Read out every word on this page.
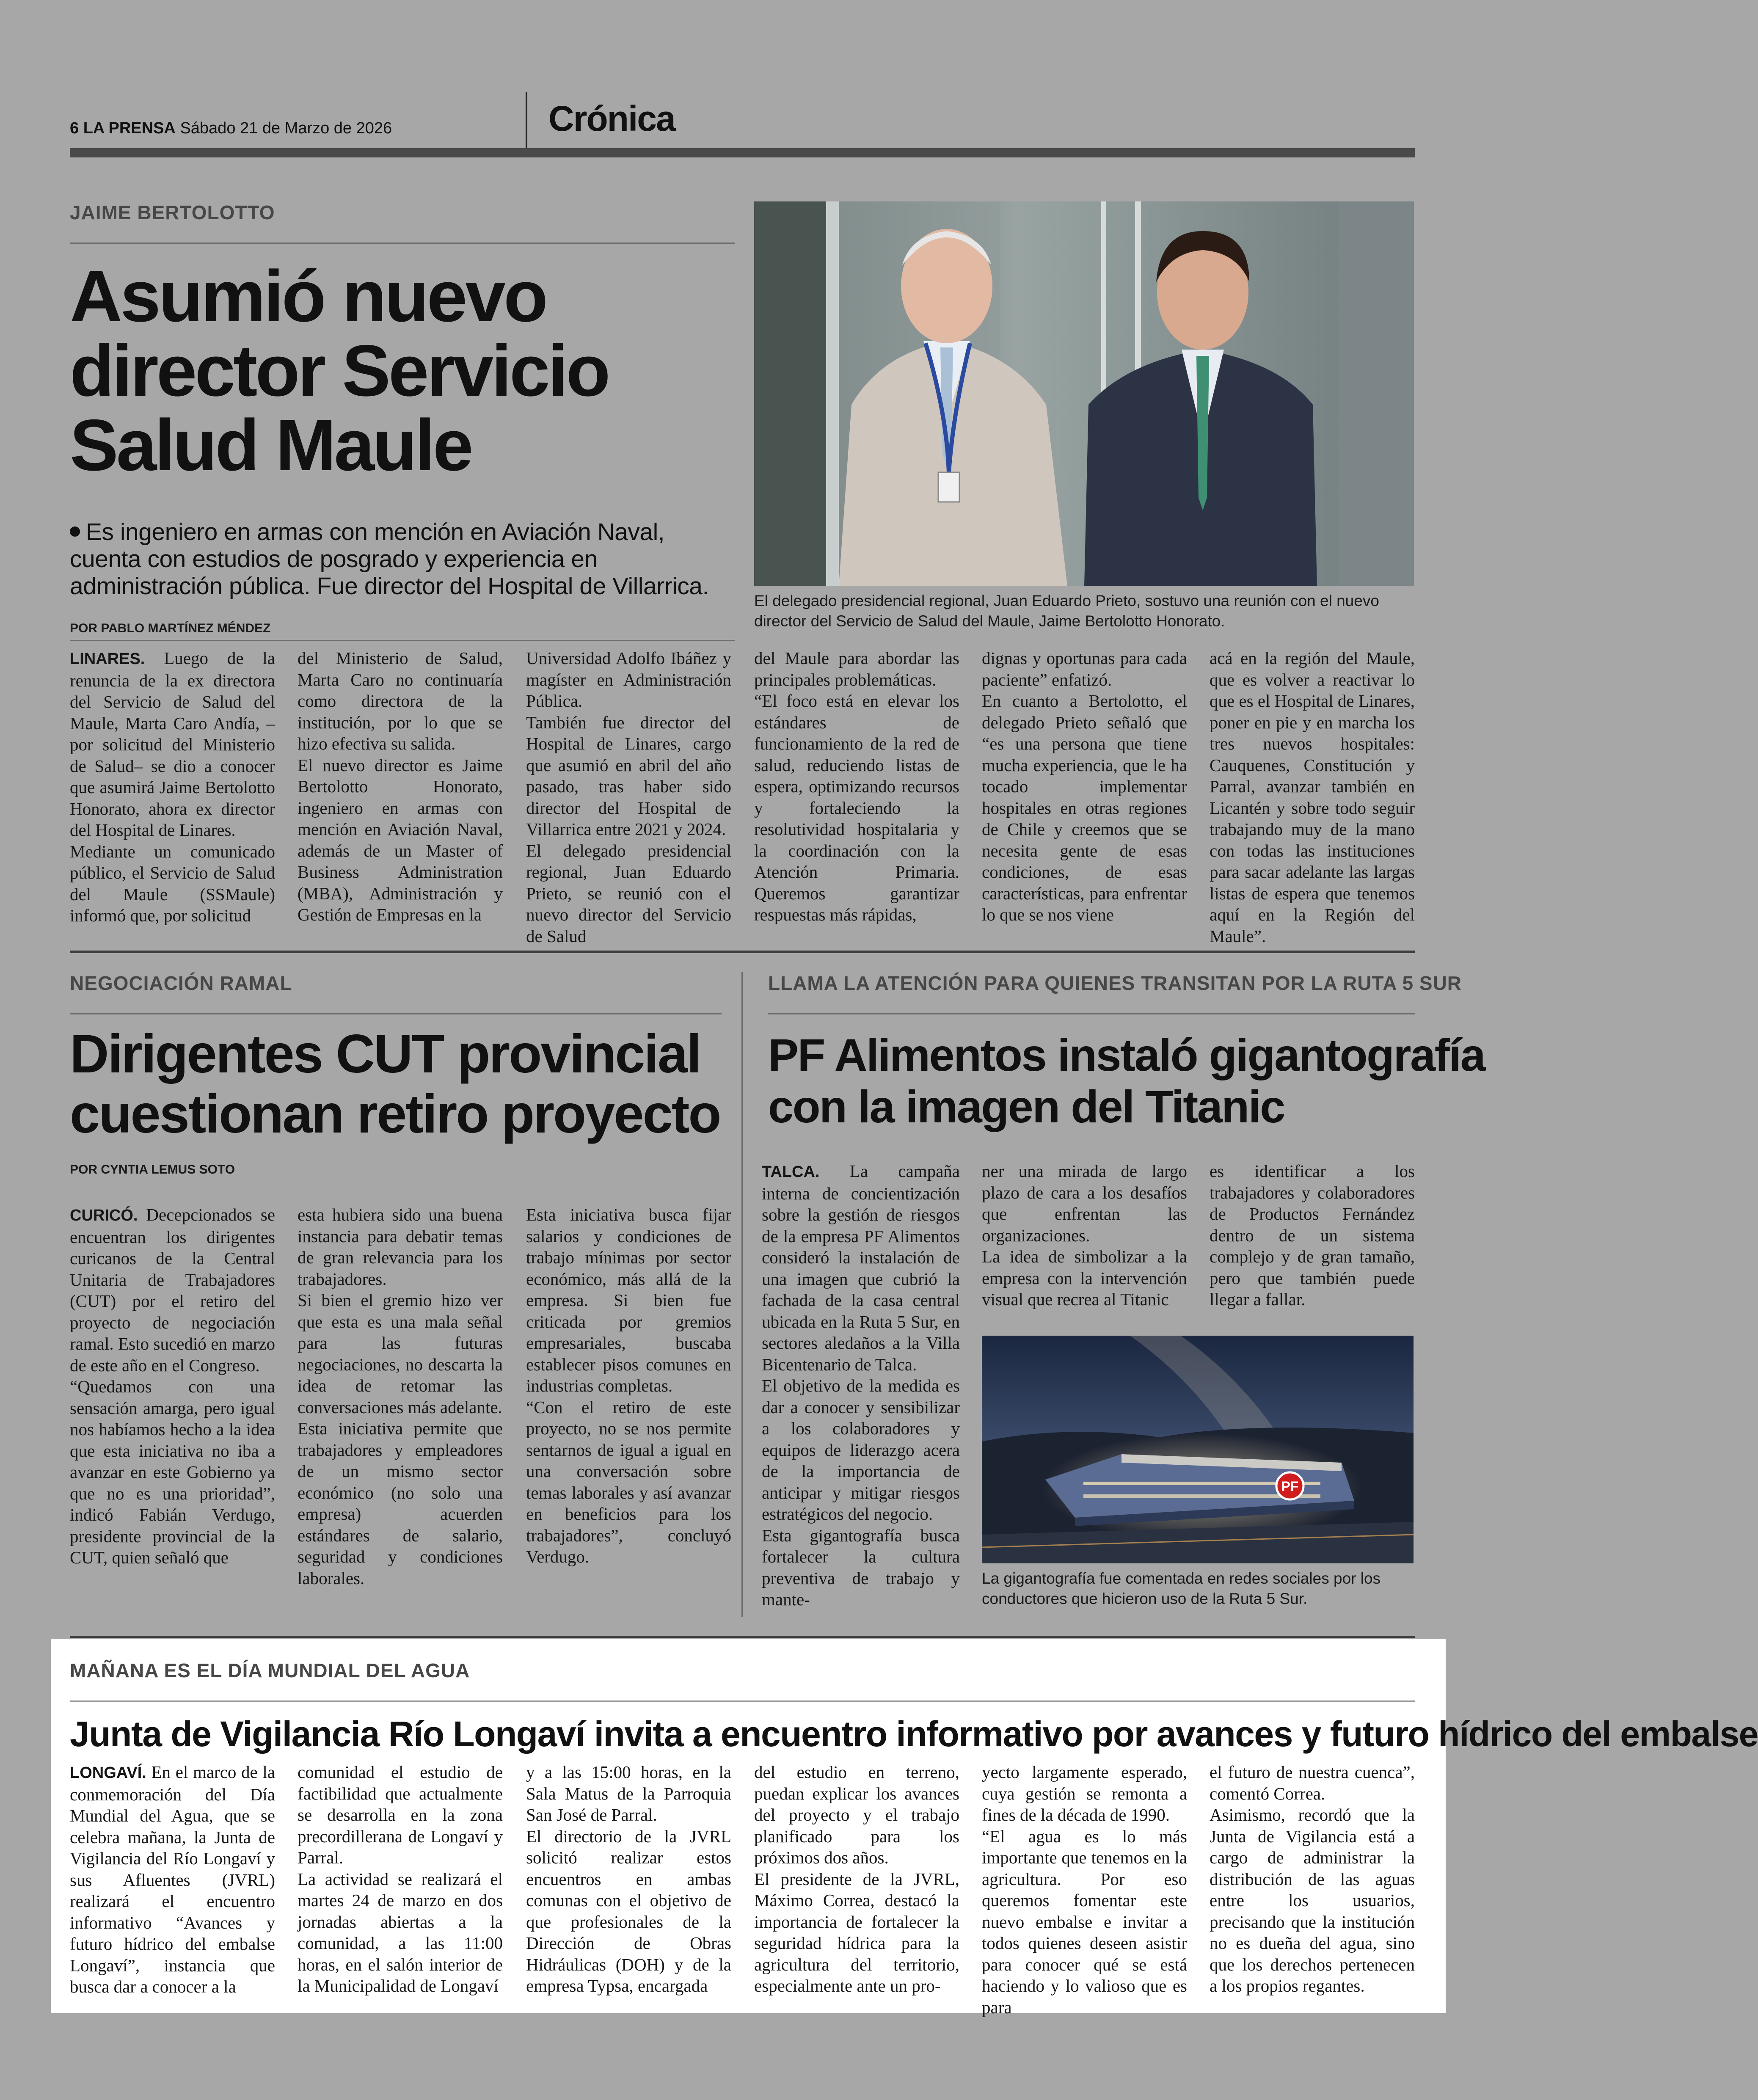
6 LA PRENSA Sábado 21 de Marzo de 2026	Crónica
JAIME BERTOLOTTO
Asumió nuevo
director Servicio
Salud Maule
Es ingeniero en armas con mención en Aviación Naval,
cuenta con estudios de posgrado y experiencia en
administración pública. Fue director del Hospital de Villarrica.
POR PABLO MARTÍNEZ MÉNDEZ
El delegado presidencial regional, Juan Eduardo Prieto, sostuvo una reunión con el nuevo director del Servicio de Salud del Maule, Jaime Bertolotto Honorato.

LINARES. Luego de la renuncia de la ex directora del Servicio de Salud del Maule, Marta Caro Andía, –por solicitud del Ministerio de Salud– se dio a conocer que asumirá Jaime Bertolotto Honorato, ahora ex director del Hospital de Linares.

Mediante un comunicado público, el Servicio de Salud del Maule (SSMaule) informó que, por solicitud

del Ministerio de Salud, Marta Caro no continuaría como directora de la institución, por lo que se hizo efectiva su salida.

El nuevo director es Jaime Bertolotto Honorato, ingeniero en armas con mención en Aviación Naval, además de un Master of Business Administration (MBA), Administración y Gestión de Empresas en la

Universidad Adolfo Ibáñez y magíster en Administración Pública.

También fue director del Hospital de Linares, cargo que asumió en abril del año pasado, tras haber sido director del Hospital de Villarrica entre 2021 y 2024.

El delegado presidencial regional, Juan Eduardo Prieto, se reunió con el nuevo director del Servicio de Salud

del Maule para abordar las principales problemáticas.

“El foco está en elevar los estándares de funcionamiento de la red de salud, reduciendo listas de espera, optimizando recursos y fortaleciendo la resolutividad hospitalaria y la coordinación con la Atención Primaria. Queremos garantizar respuestas más rápidas,

dignas y oportunas para cada paciente” enfatizó.

En cuanto a Bertolotto, el delegado Prieto señaló que “es una persona que tiene mucha experiencia, que le ha tocado implementar hospitales en otras regiones de Chile y creemos que se necesita gente de esas condiciones, de esas características, para enfrentar lo que se nos viene

acá en la región del Maule, que es volver a reactivar lo que es el Hospital de Linares, poner en pie y en marcha los tres nuevos hospitales: Cauquenes, Constitución y Parral, avanzar también en Licantén y sobre todo seguir trabajando muy de la mano con todas las instituciones para sacar adelante las largas listas de espera que tenemos aquí en la Región del Maule”.

NEGOCIACIÓN RAMAL
Dirigentes CUT provincial
cuestionan retiro proyecto
POR CYNTIA LEMUS SOTO

CURICÓ. Decepcionados se encuentran los dirigentes curicanos de la Central Unitaria de Trabajadores (CUT) por el retiro del proyecto de negociación ramal. Esto sucedió en marzo de este año en el Congreso.

“Quedamos con una sensación amarga, pero igual nos habíamos hecho a la idea que esta iniciativa no iba a avanzar en este Gobierno ya que no es una prioridad”, indicó Fabián Verdugo, presidente provincial de la CUT, quien señaló que

esta hubiera sido una buena instancia para debatir temas de gran relevancia para los trabajadores.

Si bien el gremio hizo ver que esta es una mala señal para las futuras negociaciones, no descarta la idea de retomar las conversaciones más adelante.

Esta iniciativa permite que trabajadores y empleadores de un mismo sector económico (no solo una empresa) acuerden estándares de salario, seguridad y condiciones laborales.

Esta iniciativa busca fijar salarios y condiciones de trabajo mínimas por sector económico, más allá de la empresa. Si bien fue criticada por gremios empresariales, buscaba establecer pisos comunes en industrias completas.

“Con el retiro de este proyecto, no se nos permite sentarnos de igual a igual en una conversación sobre temas laborales y así avanzar en beneficios para los trabajadores”, concluyó Verdugo.

LLAMA LA ATENCIÓN PARA QUIENES TRANSITAN POR LA RUTA 5 SUR
PF Alimentos instaló gigantografía
con la imagen del Titanic

TALCA. La campaña interna de concientización sobre la gestión de riesgos de la empresa PF Alimentos consideró la instalación de una imagen que cubrió la fachada de la casa central ubicada en la Ruta 5 Sur, en sectores aledaños a la Villa Bicentenario de Talca.

El objetivo de la medida es dar a conocer y sensibilizar a los colaboradores y equipos de liderazgo acera de la importancia de anticipar y mitigar riesgos estratégicos del negocio.

Esta gigantografía busca fortalecer la cultura preventiva de trabajo y mante-

ner una mirada de largo plazo de cara a los desafíos que enfrentan las organizaciones.

La idea de simbolizar a la empresa con la intervención visual que recrea al Titanic

es identificar a los trabajadores y colaboradores de Productos Fernández dentro de un sistema complejo y de gran tamaño, pero que también puede llegar a fallar.

PF
La gigantografía fue comentada en redes sociales por los conductores que hicieron uso de la Ruta 5 Sur.
MAÑANA ES EL DÍA MUNDIAL DEL AGUA
Junta de Vigilancia Río Longaví invita a encuentro informativo por avances y futuro hídrico del embalse

LONGAVÍ. En el marco de la conmemoración del Día Mundial del Agua, que se celebra mañana, la Junta de Vigilancia del Río Longaví y sus Afluentes (JVRL) realizará el encuentro informativo “Avances y futuro hídrico del embalse Longaví”, instancia que busca dar a conocer a la

comunidad el estudio de factibilidad que actualmente se desarrolla en la zona precordillerana de Longaví y Parral.

La actividad se realizará el martes 24 de marzo en dos jornadas abiertas a la comunidad, a las 11:00 horas, en el salón interior de la Municipalidad de Longaví

y a las 15:00 horas, en la Sala Matus de la Parroquia San José de Parral.

El directorio de la JVRL solicitó realizar estos encuentros en ambas comunas con el objetivo de que profesionales de la Dirección de Obras Hidráulicas (DOH) y de la empresa Typsa, encargada

del estudio en terreno, puedan explicar los avances del proyecto y el trabajo planificado para los próximos dos años.

El presidente de la JVRL, Máximo Correa, destacó la importancia de fortalecer la seguridad hídrica para la agricultura del territorio, especialmente ante un pro-

yecto largamente esperado, cuya gestión se remonta a fines de la década de 1990.

“El agua es lo más importante que tenemos en la agricultura. Por eso queremos fomentar este nuevo embalse e invitar a todos quienes deseen asistir para conocer qué se está haciendo y lo valioso que es para

el futuro de nuestra cuenca”, comentó Correa.

Asimismo, recordó que la Junta de Vigilancia está a cargo de administrar la distribución de las aguas entre los usuarios, precisando que la institución no es dueña del agua, sino que los derechos pertenecen a los propios regantes.
